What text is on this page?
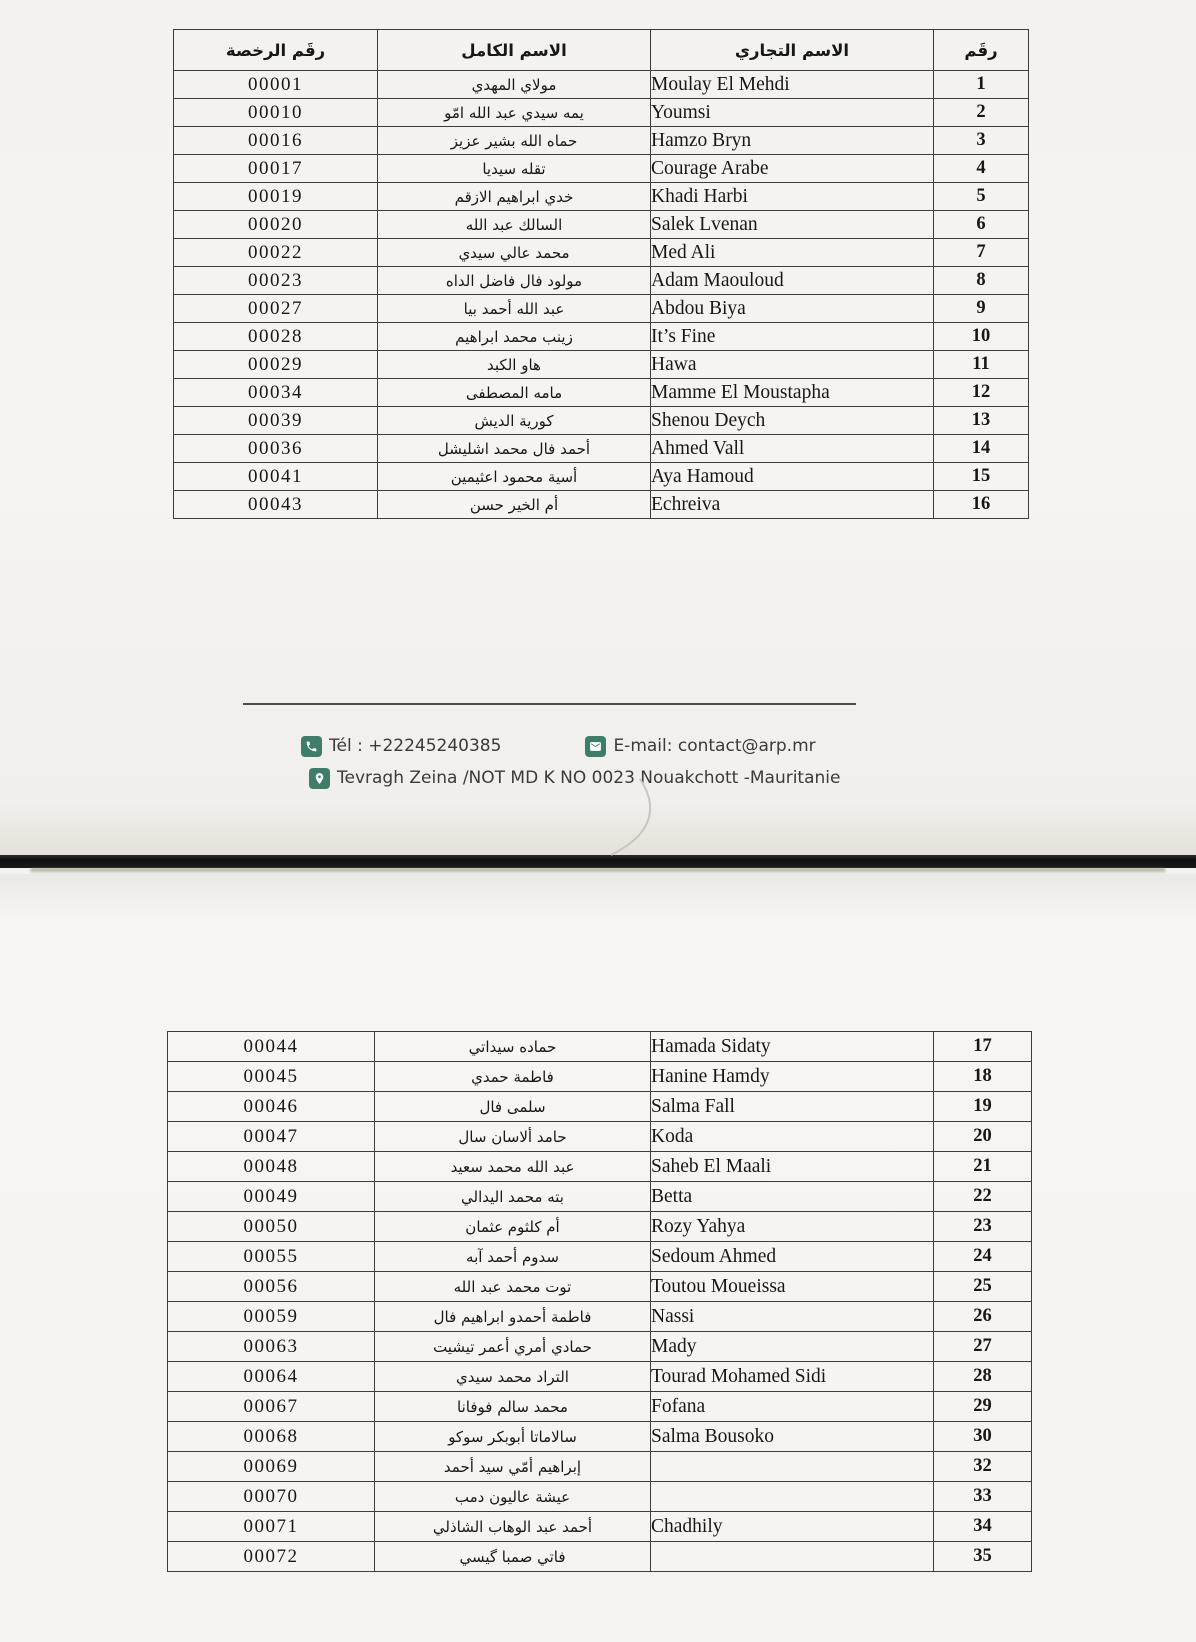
رقَم الرخصة	الاسم الكامل	الاسم التجاري	رقَم
00001	مولاي المهدي	Moulay El Mehdi	1
00010	يمه سيدي عبد الله امّو	Youmsi	2
00016	حماه الله بشير عزيز	Hamzo Bryn	3
00017	تقله سيديا	Courage Arabe	4
00019	خدي ابراهيم الازقم	Khadi Harbi	5
00020	السالك عبد الله	Salek Lvenan	6
00022	محمد عالي سيدي	Med Ali	7
00023	مولود فال فاضل الداه	Adam Maouloud	8
00027	عبد الله أحمد بيا	Abdou Biya	9
00028	زينب محمد ابراهيم	It’s Fine	10
00029	هاو الكبد	Hawa	11
00034	مامه المصطفى	Mamme El Moustapha	12
00039	كورية الديش	Shenou Deych	13
00036	أحمد فال محمد اشليشل	Ahmed Vall	14
00041	أسية محمود اعثيمين	Aya Hamoud	15
00043	أم الخير حسن	Echreiva	16
Tél : +22245240385	E-mail: contact@arp.mr
Tevragh Zeina /NOT MD K NO 0023 Nouakchott -Mauritanie
00044	حماده سيداتي	Hamada Sidaty	17
00045	فاطمة حمدي	Hanine Hamdy	18
00046	سلمى فال	Salma Fall	19
00047	حامد ألاسان سال	Koda	20
00048	عبد الله محمد سعيد	Saheb El Maali	21
00049	بته محمد اليدالي	Betta	22
00050	أم كلثوم عثمان	Rozy Yahya	23
00055	سدوم أحمد آبه	Sedoum Ahmed	24
00056	توت محمد عبد الله	Toutou Moueissa	25
00059	فاطمة أحمدو ابراهيم فال	Nassi	26
00063	حمادي أمري أعمر تيشيت	Mady	27
00064	التراد محمد سيدي	Tourad Mohamed Sidi	28
00067	محمد سالم فوفانا	Fofana	29
00068	سالاماتا أبوبكر سوكو	Salma Bousoko	30
00069	إبراهيم أمّي سيد أحمد		32
00070	عيشة عاليون دمب		33
00071	أحمد عبد الوهاب الشاذلي	Chadhily	34
00072	فاتي صمبا گيسي		35
